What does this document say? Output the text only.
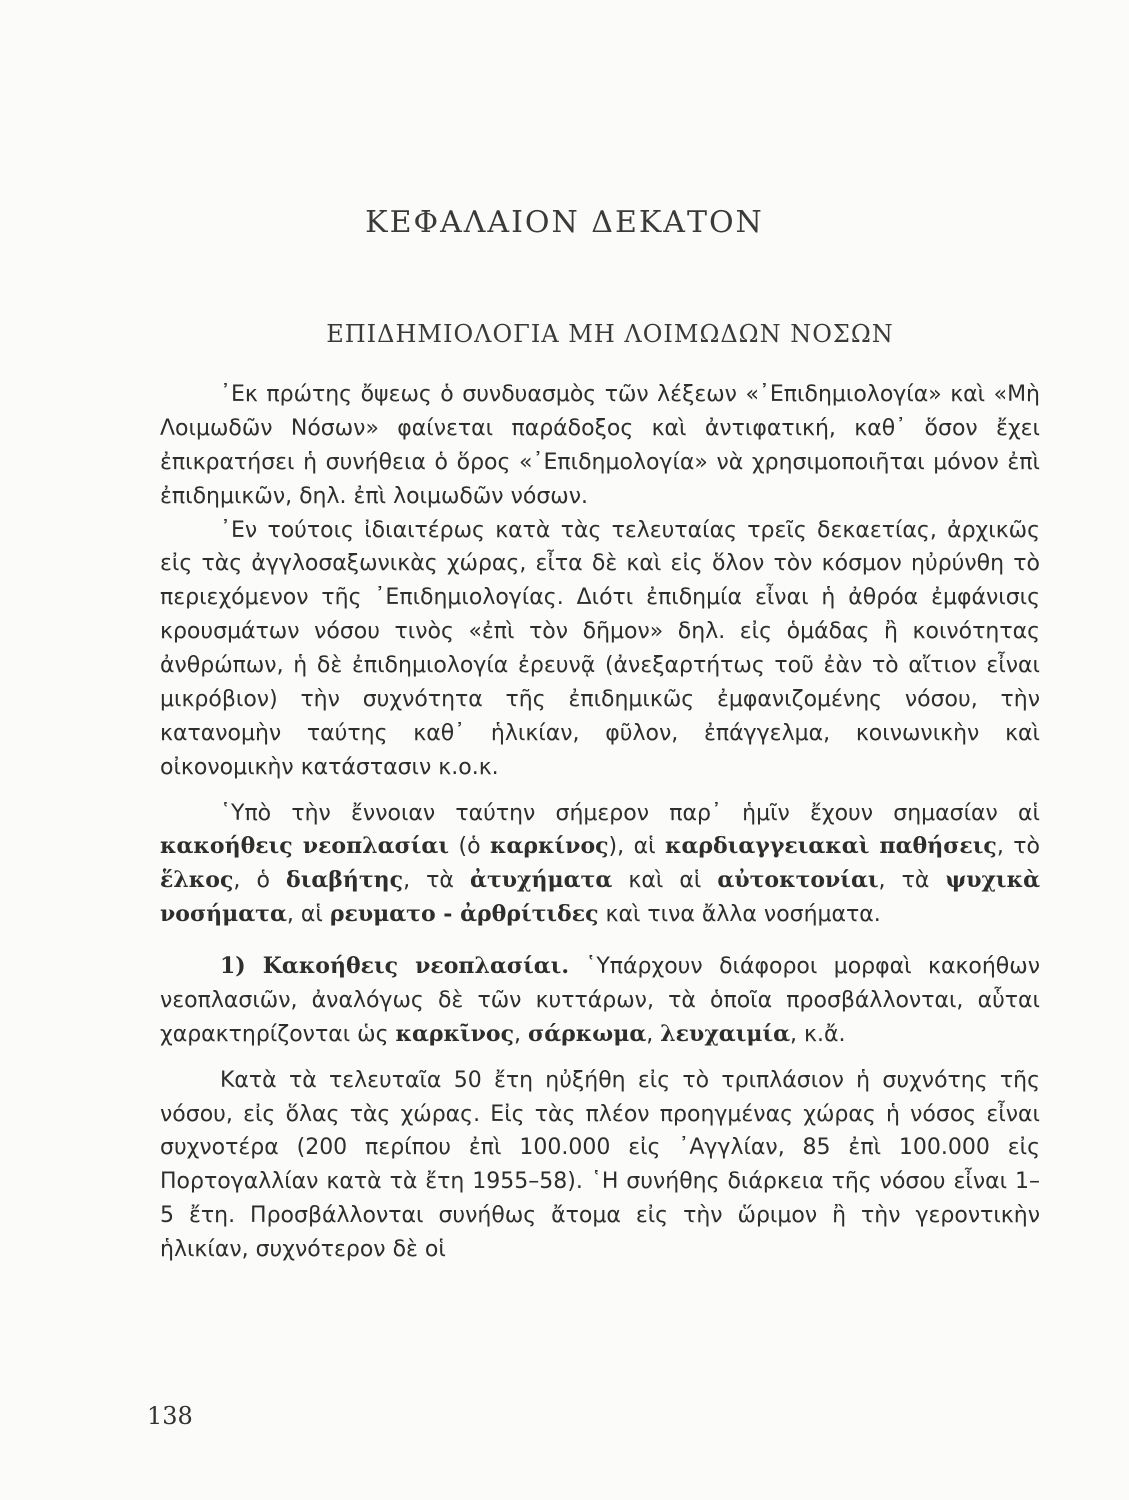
ΚΕΦΑΛΑΙΟΝ ΔΕΚΑΤΟΝ
ΕΠΙΔΗΜΙΟΛΟΓΙΑ ΜΗ ΛΟΙΜΩΔΩΝ ΝΟΣΩΝ

᾿Εκ πρώτης ὄψεως ὁ συνδυασμὸς τῶν λέξεων «᾿Επιδημιολογία» καὶ «Μὴ Λοιμωδῶν Νόσων» φαίνεται παράδοξος καὶ ἀντιφατική, καθ᾿ ὅσον ἔχει ἐπικρατήσει ἡ συνήθεια ὁ ὅρος «᾿Επιδημολογία» νὰ χρησιμοποιῆται μόνον ἐπὶ ἐπιδημικῶν, δηλ. ἐπὶ λοιμωδῶν νόσων.

᾿Εν τούτοις ἰδιαιτέρως κατὰ τὰς τελευταίας τρεῖς δεκαετίας, ἀρχικῶς εἰς τὰς ἀγγλοσαξωνικὰς χώρας, εἶτα δὲ καὶ εἰς ὅλον τὸν κόσμον ηὐρύνθη τὸ περιεχόμενον τῆς ᾿Επιδημιολογίας. Διότι ἐπιδημία εἶναι ἡ ἀθρόα ἐμφάνισις κρουσμάτων νόσου τινὸς «ἐπὶ τὸν δῆμον» δηλ. εἰς ὁμάδας ἢ κοινότητας ἀνθρώπων, ἡ δὲ ἐπιδημιολογία ἐρευνᾷ (ἀνεξαρτήτως τοῦ ἐὰν τὸ αἴτιον εἶναι μικρόβιον) τὴν συχνότητα τῆς ἐπιδημικῶς ἐμφανιζομένης νόσου, τὴν κατανομὴν ταύτης καθ᾿ ἡλικίαν, φῦλον, ἐπάγγελμα, κοινωνικὴν καὶ οἰκονομικὴν κατάστασιν κ.ο.κ.

῾Υπὸ τὴν ἔννοιαν ταύτην σήμερον παρ᾿ ἡμῖν ἔχουν σημασίαν αἱ κακοήθεις νεοπλασίαι (ὁ καρκίνος), αἱ καρδιαγγειακαὶ παθήσεις, τὸ ἕλκος, ὁ διαβήτης, τὰ ἀτυχήματα καὶ αἱ αὐτοκτονίαι, τὰ ψυχικὰ νοσήματα, αἱ ρευματο - ἀρθρίτιδες καὶ τινα ἄλλα νοσήματα.

1) Κακοήθεις νεοπλασίαι. ῾Υπάρχουν διάφοροι μορφαὶ κακοήθων νεοπλασιῶν, ἀναλόγως δὲ τῶν κυττάρων, τὰ ὁποῖα προσβάλλονται, αὗται χαρακτηρίζονται ὡς καρκῖνος, σάρκωμα, λευχαιμία, κ.ἄ.

Κατὰ τὰ τελευταῖα 50 ἔτη ηὐξήθη εἰς τὸ τριπλάσιον ἡ συχνότης τῆς νόσου, εἰς ὅλας τὰς χώρας. Εἰς τὰς πλέον προηγμένας χώρας ἡ νόσος εἶναι συχνοτέρα (200 περίπου ἐπὶ 100.000 εἰς ᾿Αγγλίαν, 85 ἐπὶ 100.000 εἰς Πορτογαλλίαν κατὰ τὰ ἔτη 1955–58). ῾Η συνήθης διάρκεια τῆς νόσου εἶναι 1–5 ἔτη. Προσβάλλονται συνήθως ἄτομα εἰς τὴν ὥριμον ἢ τὴν γεροντικὴν ἡλικίαν, συχνότερον δὲ οἱ

138
